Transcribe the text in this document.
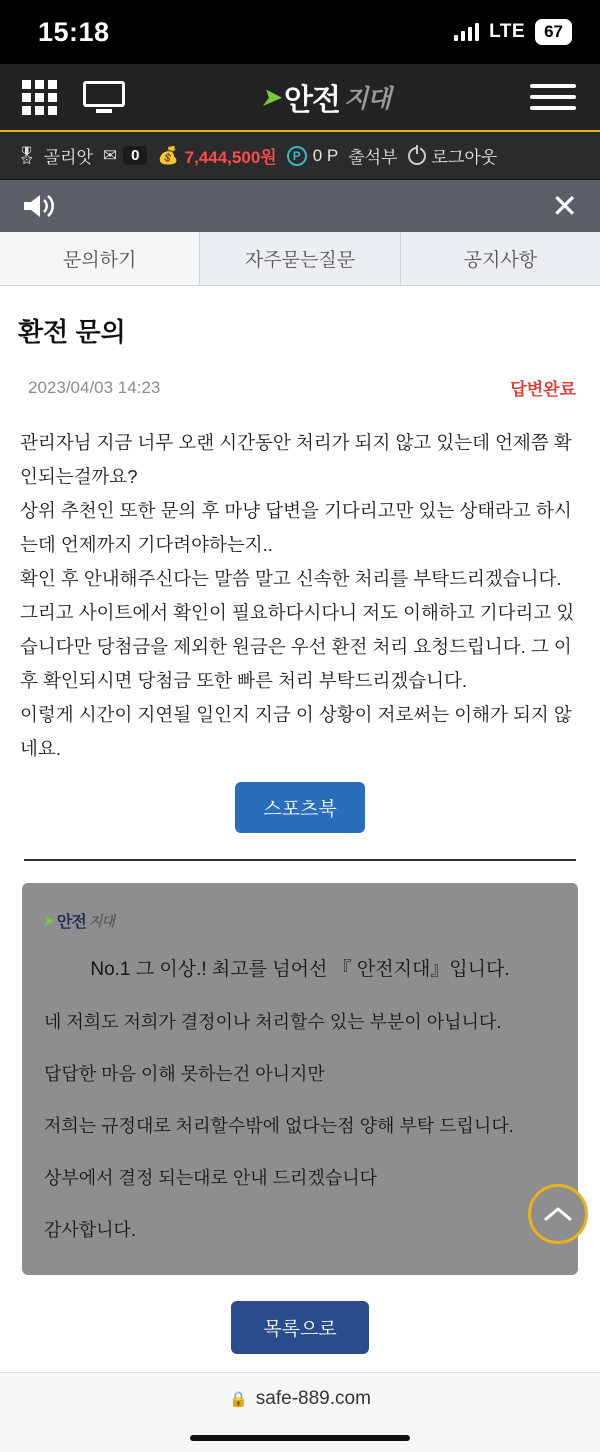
15:18	LTE	67
➤ 안전 지대
🎖 골리앗 ✉ 0	💰 7,444,500원	P 0 P 출석부 로그아웃
✕
문의하기	자주묻는질문	공지사항
환전 문의
2023/04/03 14:23	답변완료

관리자님 지금 너무 오랜 시간동안 처리가 되지 않고 있는데 언제쯤 확인되는걸까요?

상위 추천인 또한 문의 후 마냥 답변을 기다리고만 있는 상태라고 하시는데 언제까지 기다려야하는지..

확인 후 안내해주신다는 말씀 말고 신속한 처리를 부탁드리겠습니다.

그리고 사이트에서 확인이 필요하다시다니 저도 이해하고 기다리고 있습니다만 당첨금을 제외한 원금은 우선 환전 처리 요청드립니다. 그 이후 확인되시면 당첨금 또한 빠른 처리 부탁드리겠습니다.

이렇게 시간이 지연될 일인지 지금 이 상황이 저로써는 이해가 되지 않네요.

스포츠북
➤ 안전 지대
No.1 그 이상.! 최고를 넘어선 『 안전지대』입니다.

네 저희도 저희가 결정이나 처리할수 있는 부분이 아닙니다.

답답한 마음 이해 못하는건 아니지만

저희는 규정대로 처리할수밖에 없다는점 양해 부탁 드립니다.

상부에서 결정 되는대로 안내 드리겠습니다

감사합니다.

목록으로
🔒 safe-889.com
